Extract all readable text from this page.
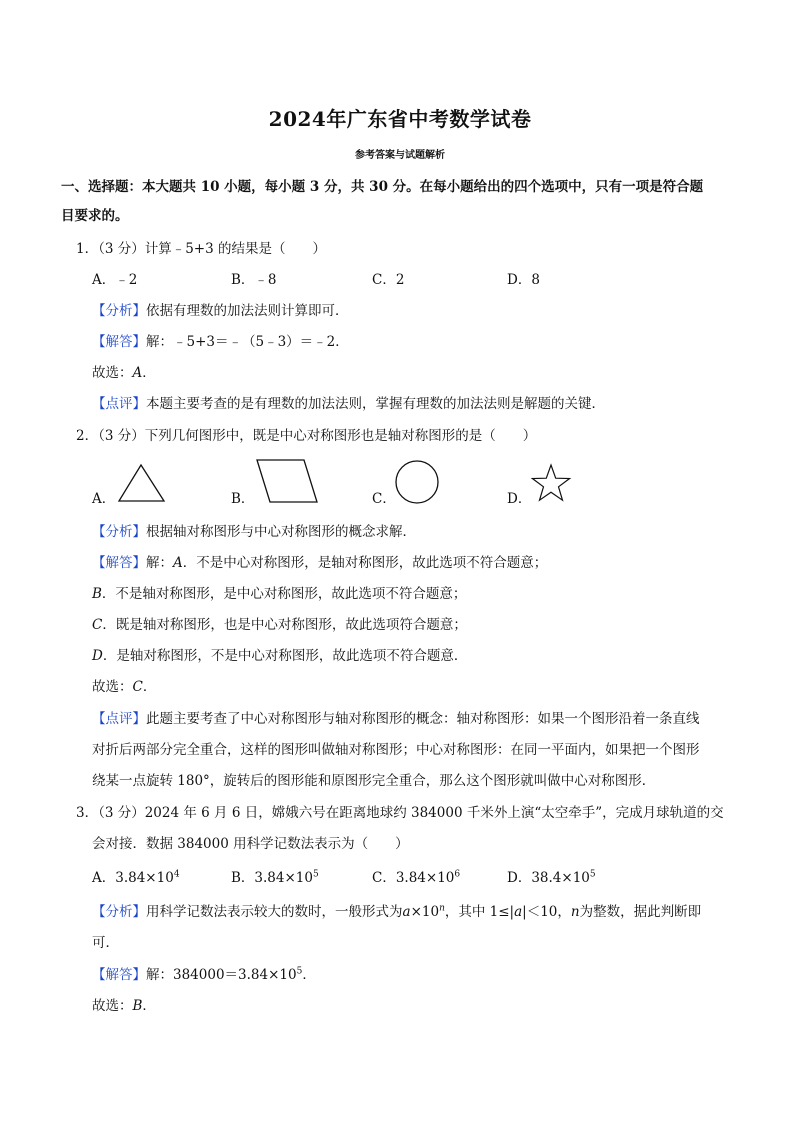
2024年广东省中考数学试卷
参考答案与试题解析
一、选择题：本大题共 10 小题，每小题 3 分，共 30 分。在每小题给出的四个选项中，只有一项是符合题
目要求的。
1．（3 分）计算﹣5+3 的结果是（　　）
A．﹣2	B．﹣8	C．2	D．8
【分析】依据有理数的加法法则计算即可．
【解答】解：﹣5+3＝﹣（5﹣3）＝﹣2．
故选：A．
【点评】本题主要考查的是有理数的加法法则，掌握有理数的加法法则是解题的关键．
2．（3 分）下列几何图形中，既是中心对称图形也是轴对称图形的是（　　）
A．	B．	C．	D．
【分析】根据轴对称图形与中心对称图形的概念求解．
【解答】解：A．不是中心对称图形，是轴对称图形，故此选项不符合题意；
B．不是轴对称图形，是中心对称图形，故此选项不符合题意；
C．既是轴对称图形，也是中心对称图形，故此选项符合题意；
D．是轴对称图形，不是中心对称图形，故此选项不符合题意．
故选：C．
【点评】此题主要考查了中心对称图形与轴对称图形的概念：轴对称图形：如果一个图形沿着一条直线
对折后两部分完全重合，这样的图形叫做轴对称图形；中心对称图形：在同一平面内，如果把一个图形
绕某一点旋转 180°，旋转后的图形能和原图形完全重合，那么这个图形就叫做中心对称图形．
3．（3 分）2024 年 6 月 6 日，嫦娥六号在距离地球约 384000 千米外上演“太空牵手”，完成月球轨道的交
会对接．数据 384000 用科学记数法表示为（　　）
A．$3.84\times 10^4$	B．$3.84\times 10^5$	C．$3.84\times 10^6$	D．$38.4\times 10^5$
【分析】用科学记数法表示较大的数时，一般形式为$a\times 10^n$，其中 1≤|a|＜10，n为整数，据此判断即
可．
【解答】解：$384000=3.84\times 10^5$．
故选：B．
